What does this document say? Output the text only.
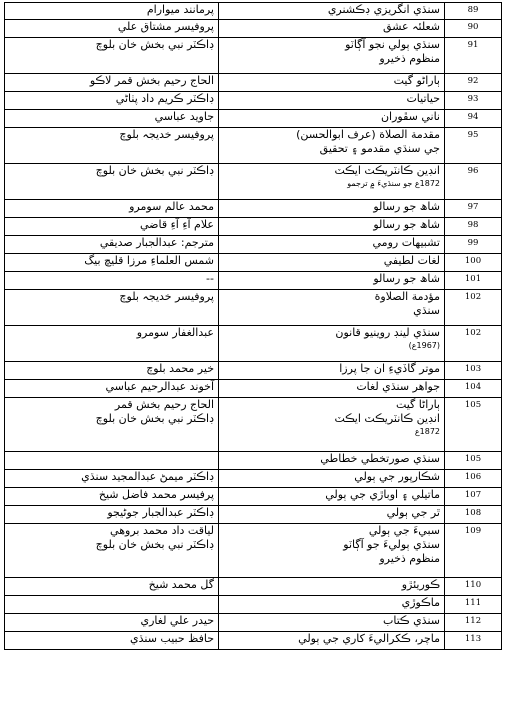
پرمانند ميوارام	سنڌي انگريزي ڊڪشنري	89

پروفيسر مشتاق علي	شعلئہ عشق	90

ڊاڪٽر نبي بخش خان بلوچ	سنڌي ٻولي نجو آڳاٽو
منظوم ذخيرو	91

الحاج رحيم بخش قمر لاڪو	ٻاراڻو گيت	92

ڊاڪٽر ڪريم داد پٺاڻي	حياتيات	93

جاويد عباسي	ناني سڦوران	94

پروفيسر خديجہ بلوچ	مقدمة الصلاة (عرف ابوالحسن)
جي سنڌي مقدمو ۽ تحقيق	95

ڊاڪٽر نبي بخش خان بلوچ	انڊين ڪانٽريڪٽ ايڪٽ
1872ع جو سنڌيءَ ۾ ترجمو	96

محمد عالم سومرو	شاھ جو رسالو	97

علام آءِ آءِ قاضي	شاھ جو رسالو	98

مترجم: عبدالجبار صديقي	تشبيهات رومي	99

شمس العلماءِ مرزا قليچ بيگ	لغات لطيفي	100

--	شاھ جو رسالو	101

پروفيسر خديجہ بلوچ	مؤدمة الصلاوة
سنڌي	102

عبدالغفار سومرو	سنڌي لينڊ روينيو قانون
(1967ع)	102

خير محمد بلوچ	موتر گاڏيءِ ان جا پرزا	103

آخوند عبدالرحيم عباسي	جواهر سنڌي لغات	104

الحاج رحيم بخش قمر
ڊاڪٽر نبي بخش خان بلوچ	ٻاراڻا گيت
انڊين ڪانٽريڪٽ ايڪٽ
1872ع	105

	سنڌي صورتخطي خطاطي	105

ڊاڪٽر ميمڻ عبدالمجيد سنڌي	شڪارپور جي ٻولي	106

پرفيسر محمد فاضل شيخ	ماتيلي ۽ اوباڙي جي ٻولي	107

ڊاڪٽر عبدالجبار جوڻيجو	ٿر جي ٻولي	108

لياقت داد محمد بروهي
ڊاڪٽر نبي بخش خان بلوچ	سبيءَ جي ٻولي
سنڌي ٻوليءَ جو آڳاٽو
منظوم ذخيرو	109

گل محمد شيخ	ڪوريئڙو	110

	ماڪوڙي	111

حيدر علي لغاري	سنڌي ڪتاب	112

حافظ حبيب سنڌي	ماچر، ڪکراليءَ کاري جي ٻولي	113
